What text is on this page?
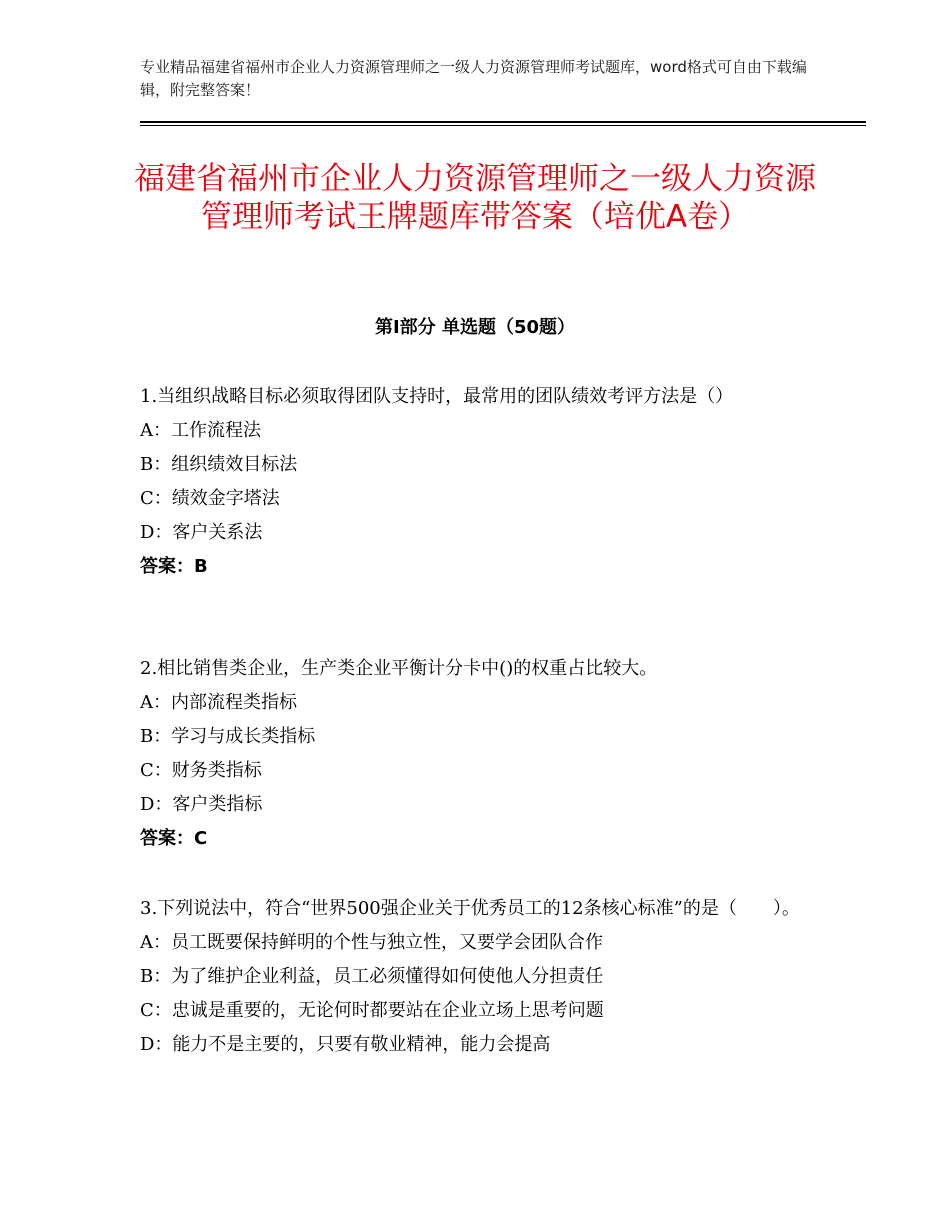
专业精品福建省福州市企业人力资源管理师之一级人力资源管理师考试题库，word格式可自由下载编辑，附完整答案！
福建省福州市企业人力资源管理师之一级人力资源管理师考试王牌题库带答案（培优A卷）
第Ⅰ部分 单选题（50题）

1.当组织战略目标必须取得团队支持时，最常用的团队绩效考评方法是（）

A：工作流程法

B：组织绩效目标法

C：绩效金字塔法

D：客户关系法

答案：B

2.相比销售类企业，生产类企业平衡计分卡中()的权重占比较大。

A：内部流程类指标

B：学习与成长类指标

C：财务类指标

D：客户类指标

答案：C

3.下列说法中，符合“世界500强企业关于优秀员工的12条核心标准”的是（　　）。

A：员工既要保持鲜明的个性与独立性，又要学会团队合作

B：为了维护企业利益，员工必须懂得如何使他人分担责任

C：忠诚是重要的，无论何时都要站在企业立场上思考问题

D：能力不是主要的，只要有敬业精神，能力会提高
